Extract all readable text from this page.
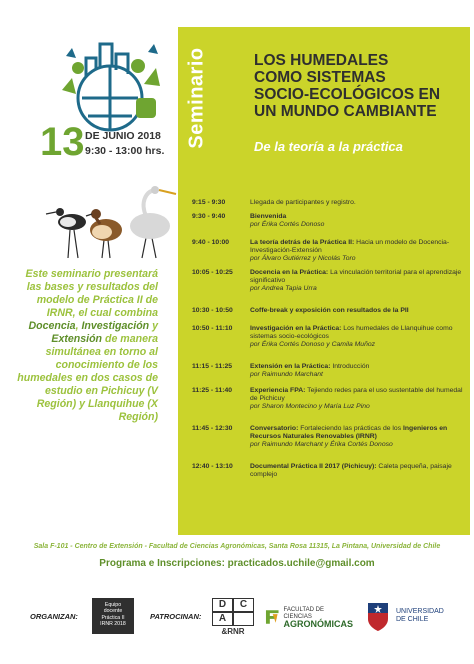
13 DE JUNIO 2018
9:30 - 13:00 hrs.
Este seminario presentará las bases y resultados del modelo de Práctica II de IRNR, el cual combina Docencia, Investigación y Extensión de manera simultánea en torno al conocimiento de los humedales en dos casos de estudio en Pichicuy (V Región) y Llanquihue (X Región)
Seminario	LOS HUMEDALES
COMO SISTEMAS
SOCIO-ECOLÓGICOS EN
UN MUNDO CAMBIANTE
De la teoría a la práctica
9:15 - 9:30	Llegada de participantes y registro.
9:30 - 9:40	Bienvenida
por Érika Cortés Donoso
9:40 - 10:00	La teoría detrás de la Práctica II: Hacia un modelo de Docencia-Investigación-Extensión
por Álvaro Gutiérrez y Nicolás Toro
10:05 - 10:25	Docencia en la Práctica: La vinculación territorial para el aprendizaje significativo
por Andrea Tapia Urra
10:30 - 10:50	Coffe-break y exposición con resultados de la PII
10:50 - 11:10	Investigación en la Práctica: Los humedales de Llanquihue como sistemas socio-ecológicos
por Érika Cortés Donoso y Camila Muñoz
11:15 - 11:25	Extensión en la Práctica: Introducción
por Raimundo Marchant
11:25 - 11:40	Experiencia FPA: Tejiendo redes para el uso sustentable del humedal de Pichicuy
por Sharon Montecino y María Luz Pino
11:45 - 12:30	Conversatorio: Fortaleciendo las prácticas de los Ingenieros en Recursos Naturales Renovables (IRNR)
por Raimundo Marchant y Érika Cortés Donoso
12:40 - 13:10	Documental Práctica II 2017 (Pichicuy): Caleta pequeña, paisaje complejo
Sala F-101 - Centro de Extensión - Facultad de Ciencias Agronómicas, Santa Rosa 11315, La Pintana, Universidad de Chile
Programa e Inscripciones: practicados.uchile@gmail.com
ORGANIZAN:
Equipo
docente
Práctica II
IRNR 2018
PATROCINAN:
D	C
A
&RNR
FACULTAD DE CIENCIAS
AGRONÓMICAS
UNIVERSIDAD
DE CHILE
